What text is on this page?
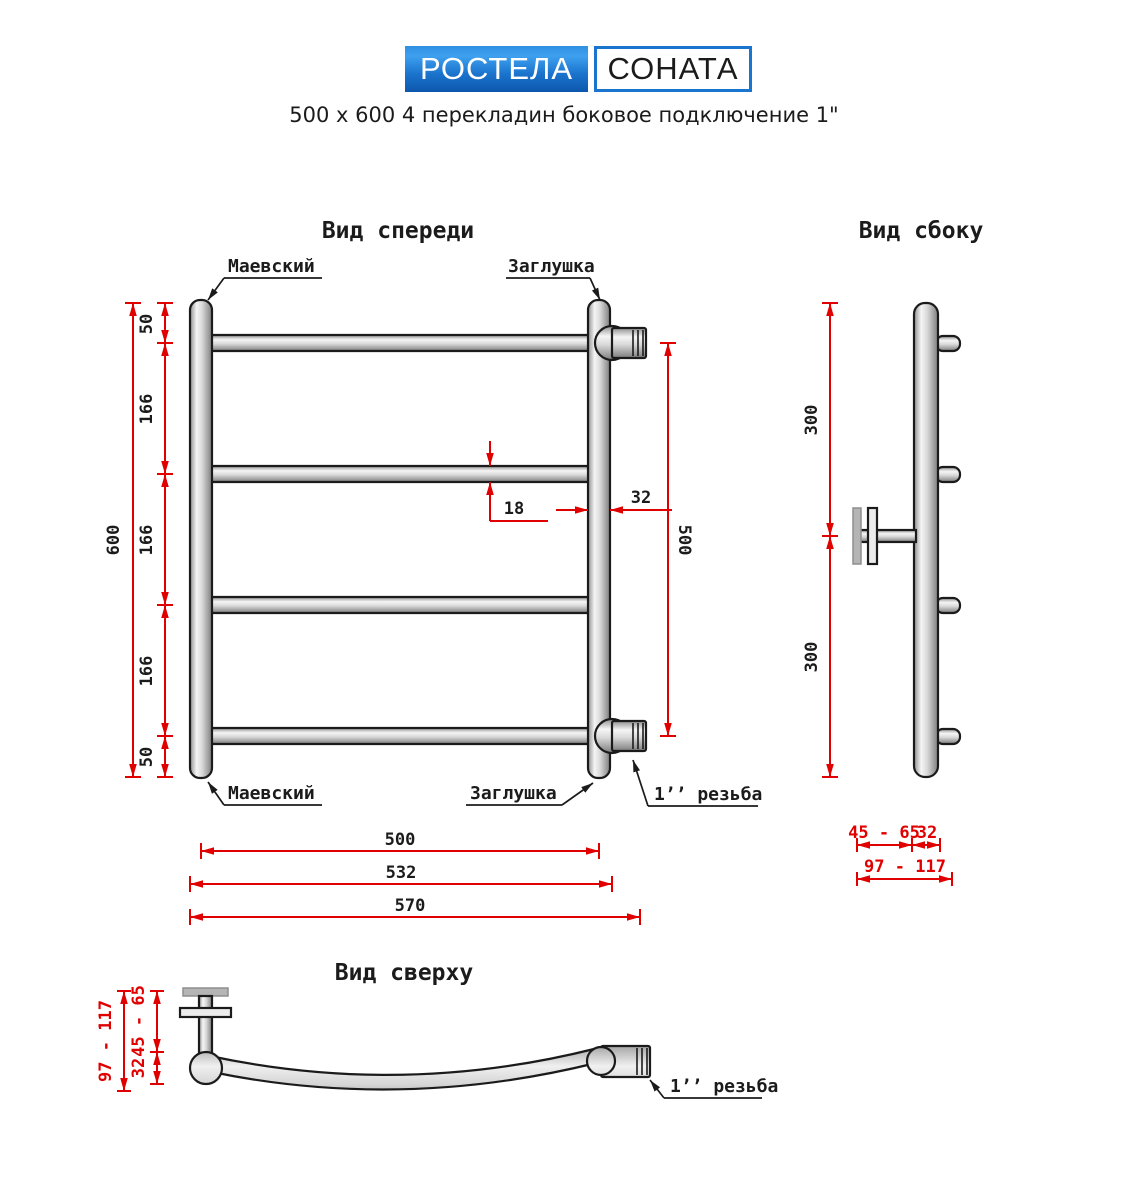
РОСТЕЛА	СОНАТА
500 x 600 4 перекладин боковое подключение 1"
Вид спереди
Маевский	Заглушка
Маевский	Заглушка	1’’ резьба
50
166
166
166
50
600	500
18
32
500
532
570
Вид сбоку
300
300
45 - 65
32
97 - 117
Вид сверху
1’’ резьба
97 - 117 45 - 65
32
